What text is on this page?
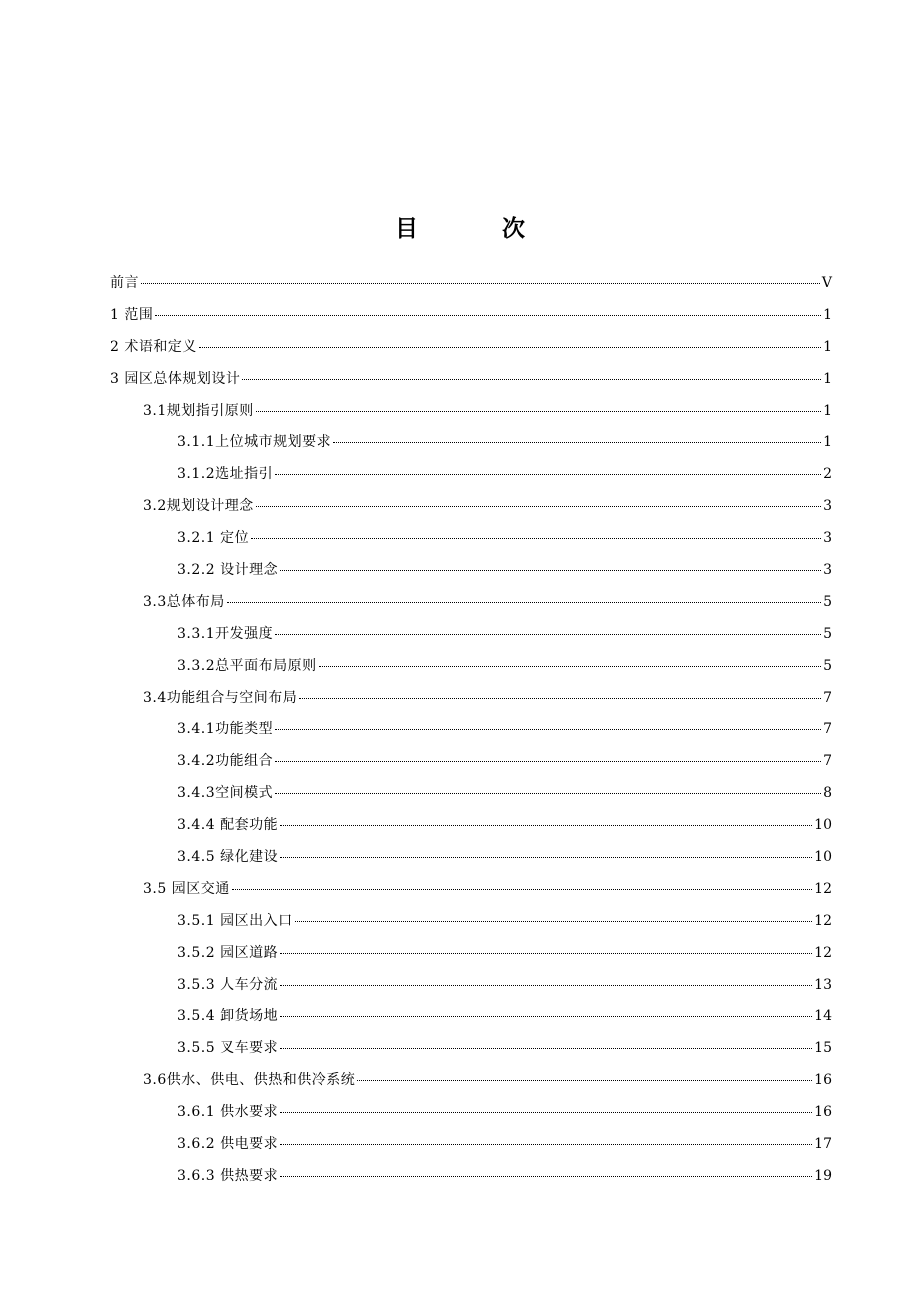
目 次
前言	V
1 范围	1
2 术语和定义	1
3 园区总体规划设计	1
3.1规划指引原则	1
3.1.1上位城市规划要求	1
3.1.2选址指引	2
3.2规划设计理念	3
3.2.1 定位	3
3.2.2 设计理念	3
3.3总体布局	5
3.3.1开发强度	5
3.3.2总平面布局原则	5
3.4功能组合与空间布局	7
3.4.1功能类型	7
3.4.2功能组合	7
3.4.3空间模式	8
3.4.4 配套功能	10
3.4.5 绿化建设	10
3.5 园区交通	12
3.5.1 园区出入口	12
3.5.2 园区道路	12
3.5.3 人车分流	13
3.5.4 卸货场地	14
3.5.5 叉车要求	15
3.6供水、供电、供热和供冷系统	16
3.6.1 供水要求	16
3.6.2 供电要求	17
3.6.3 供热要求	19
